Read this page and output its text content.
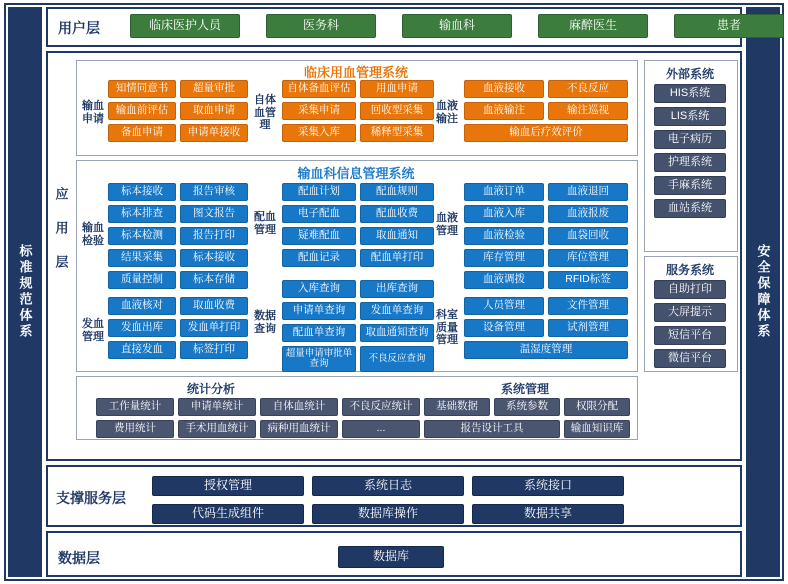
标准规范体系	安全保障体系
用户层	临床医护人员	医务科	输血科	麻醉医生	患者
应 用 层
临床用血管理系统
输血申请
知情同意书	超量审批
输血前评估	取血申请
备血申请	申请单接收
自体血管理
自体备血评估	用血申请
采集申请	回收型采集
采集入库	稀释型采集
血液输注
血液接收	不良反应
血液输注	输注巡视
输血后疗效评价
输血科信息管理系统
输血检验
标本接收	报告审核
标本排查	图文报告
标本检测	报告打印
结果采集	标本接收
质量控制	标本存储
发血管理
血液核对	取血收费
发血出库	发血单打印
直接发血	标签打印
配血管理
配血计划	配血规则
电子配血	配血收费
疑难配血	取血通知
配血记录	配血单打印
数据查询
入库查询	出库查询
申请单查询	发血单查询
配血单查询	取血通知查询
超量申请审批单查询	不良反应查询
血液管理
血液订单	血液退回
血液入库	血液报废
血液检验	血袋回收
库存管理	库位管理
血液调拨	RFID标签
科室质量管理
人员管理	文件管理
设备管理	试剂管理
温湿度管理
统计分析
工作量统计	申请单统计	自体血统计	不良反应统计
费用统计	手术用血统计	病种用血统计	...
系统管理
基础数据	系统参数	权限分配
报告设计工具	输血知识库
外部系统
HIS系统
LIS系统
电子病历
护理系统
手麻系统
血站系统
服务系统
自助打印
大屏提示
短信平台
微信平台
支撑服务层
授权管理	系统日志	系统接口
代码生成组件	数据库操作	数据共享
数据层	数据库
